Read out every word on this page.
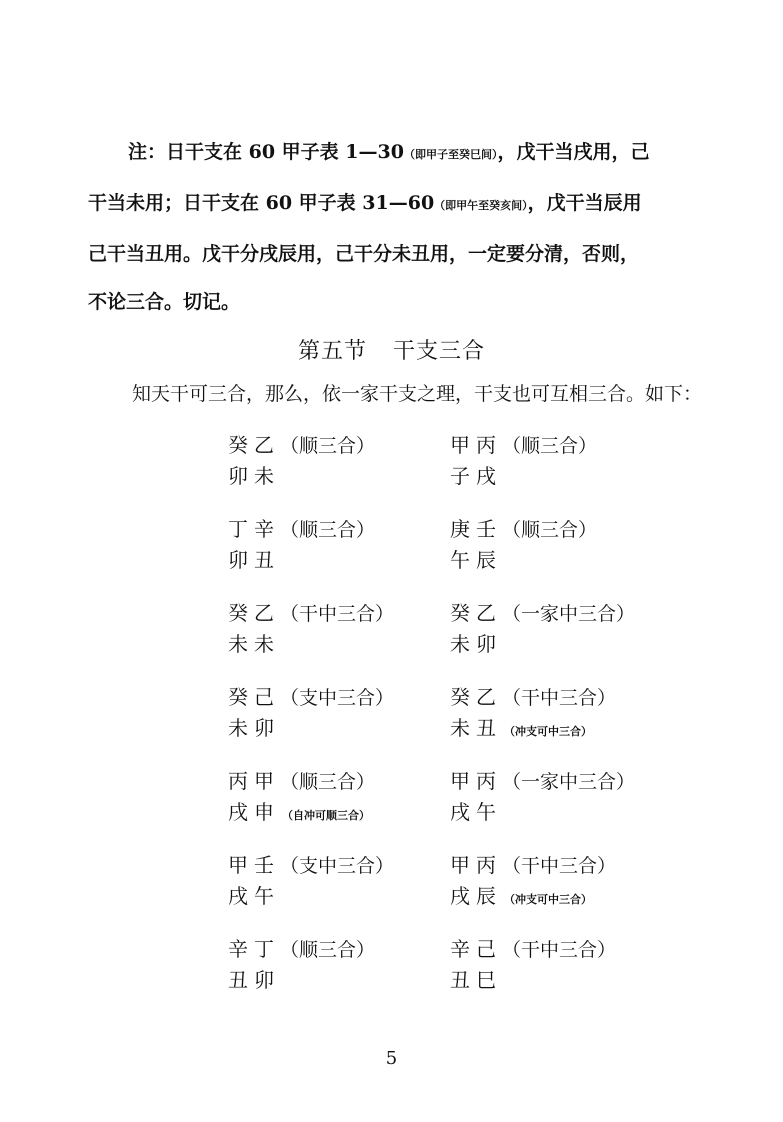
注：日干支在 60 甲子表 1—30（即甲子至癸巳间），戊干当戌用，己
干当未用；日干支在 60 甲子表 31—60（即甲午至癸亥间），戊干当辰用
己干当丑用。戊干分戌辰用，己干分未丑用，一定要分清，否则，
不论三合。切记。
第五节 干支三合

知天干可三合，那么，依一家干支之理，干支也可互相三合。如下：

癸 乙 （顺三合）
卯 未
甲 丙 （顺三合）
子 戌
丁 辛 （顺三合）
卯 丑
庚 壬 （顺三合）
午 辰
癸 乙 （干中三合）
未 未
癸 乙 （一家中三合）
未 卯
癸 己 （支中三合）
未 卯
癸 乙 （干中三合）
未 丑 （冲支可中三合）
丙 甲 （顺三合）
戌 申 （自冲可顺三合）
甲 丙 （一家中三合）
戌 午
甲 壬 （支中三合）
戌 午
甲 丙 （干中三合）
戌 辰 （冲支可中三合）
辛 丁 （顺三合）
丑 卯
辛 己 （干中三合）
丑 巳
5
